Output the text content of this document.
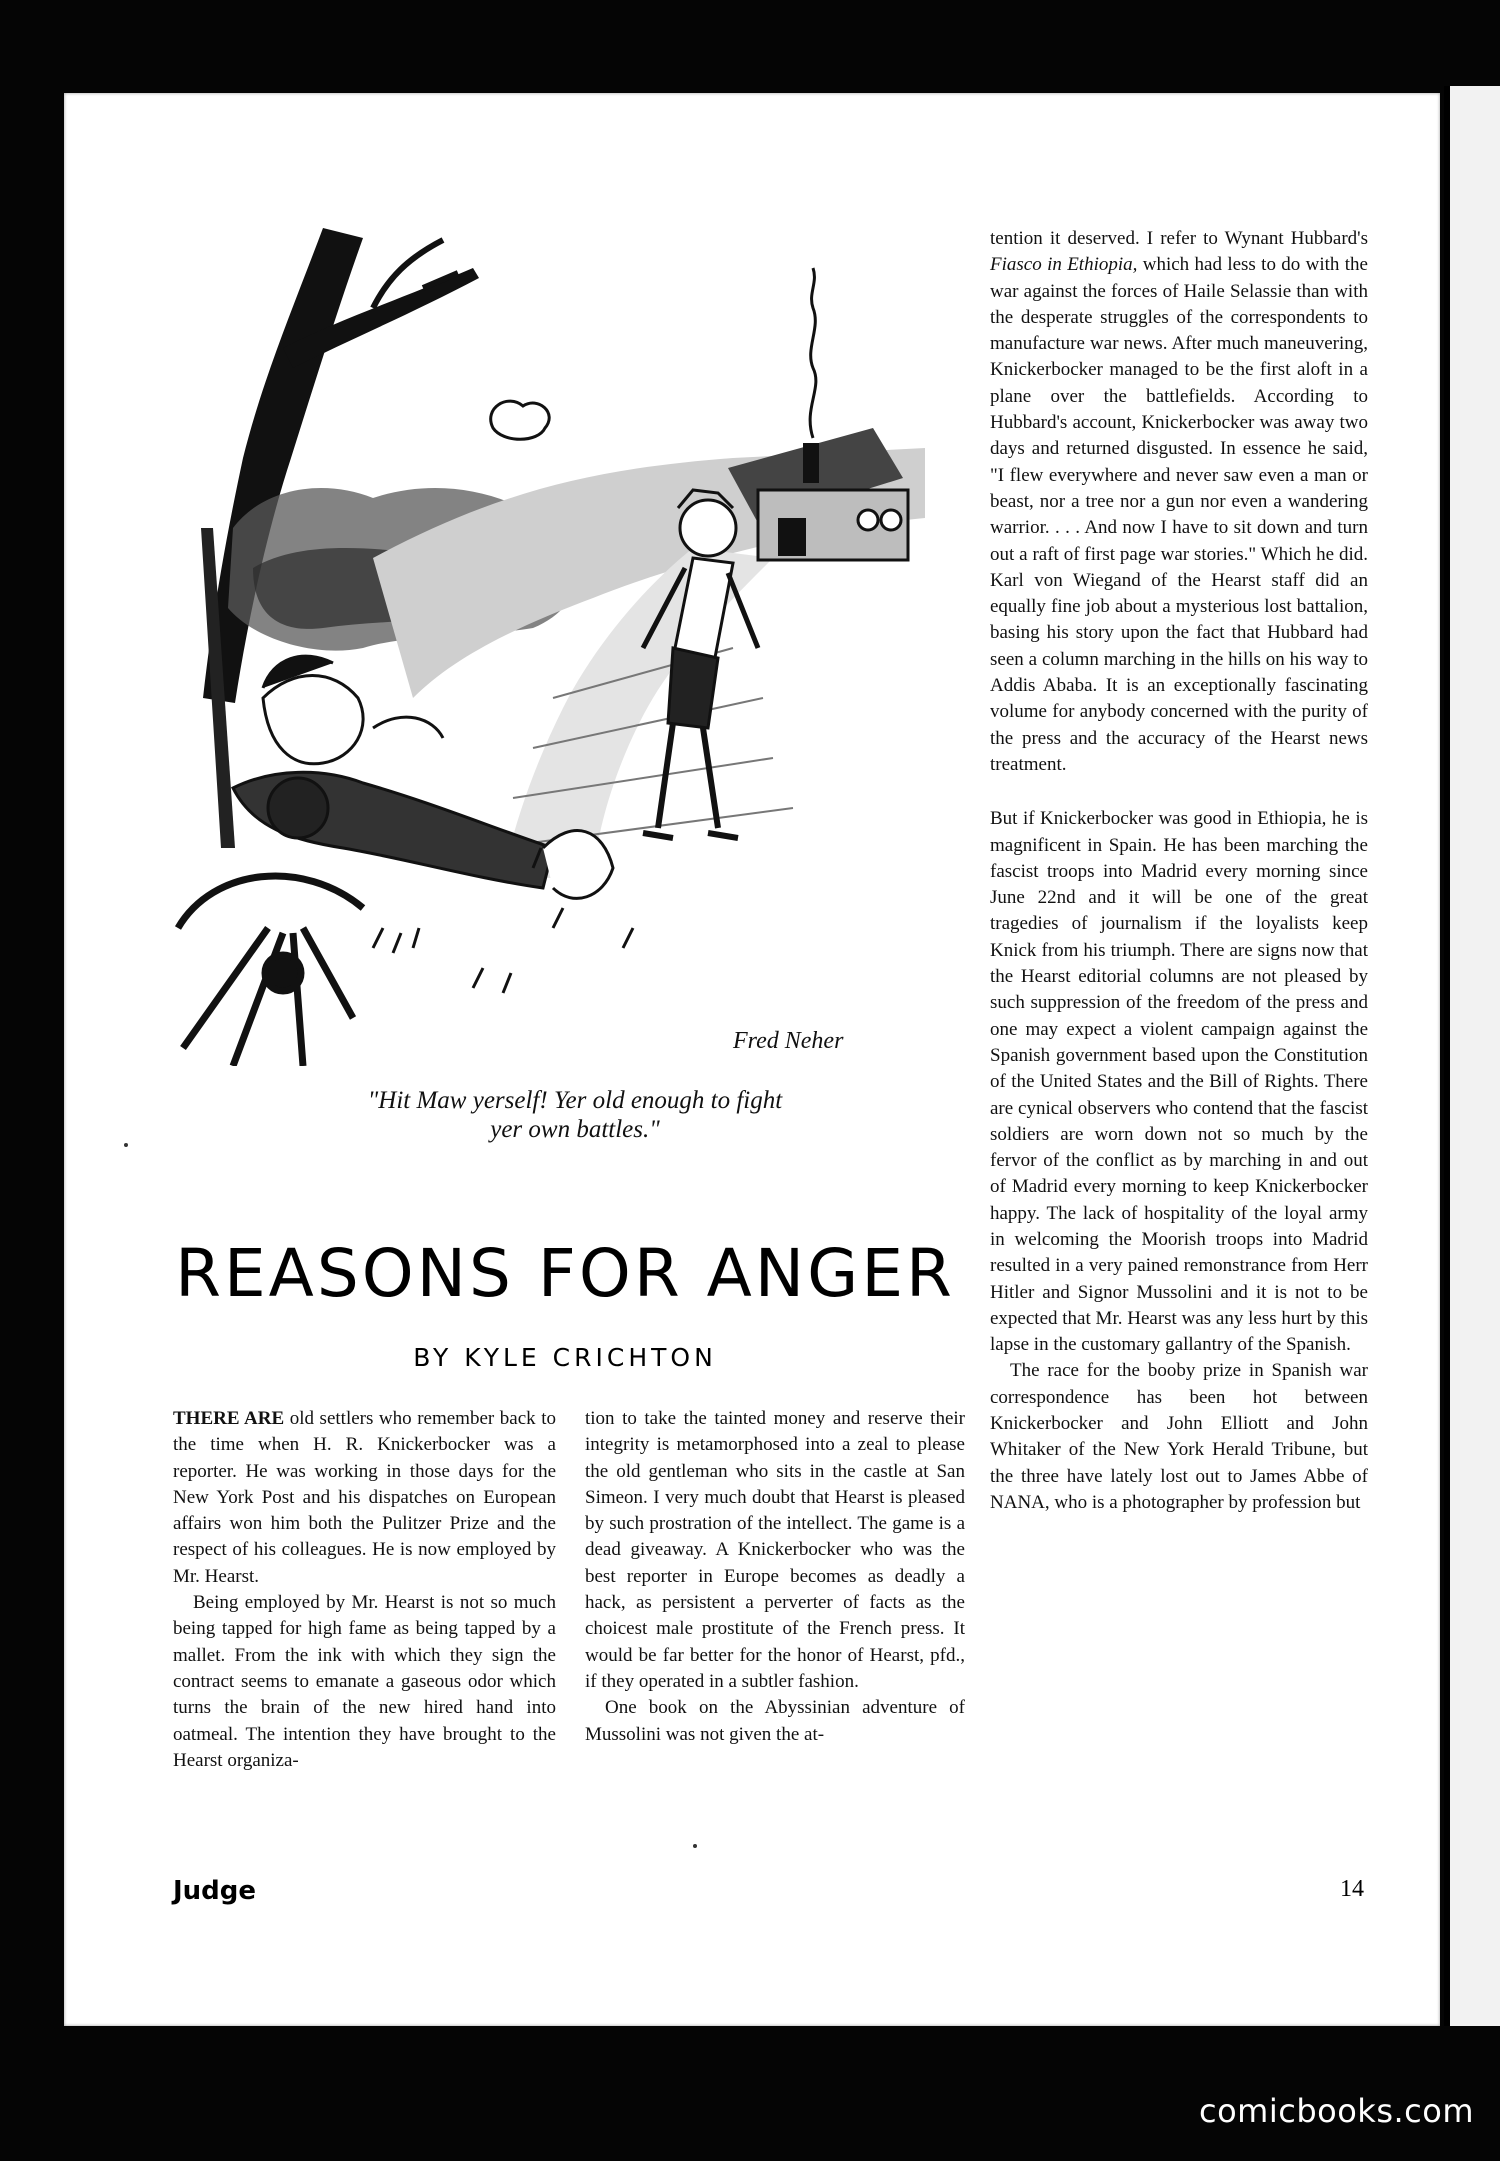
Fred Neher
"Hit Maw yerself! Yer old enough to fight
yer own battles."
REASONS FOR ANGER
BY KYLE CRICHTON

THERE ARE old settlers who remember back to the time when H. R. Knickerbocker was a reporter. He was working in those days for the New York Post and his dispatches on European affairs won him both the Pulitzer Prize and the respect of his colleagues. He is now employed by Mr. Hearst.

Being employed by Mr. Hearst is not so much being tapped for high fame as being tapped by a mallet. From the ink with which they sign the contract seems to emanate a gaseous odor which turns the brain of the new hired hand into oatmeal. The intention they have brought to the Hearst organiza-

tion to take the tainted money and reserve their integrity is metamorphosed into a zeal to please the old gentleman who sits in the castle at San Simeon. I very much doubt that Hearst is pleased by such prostration of the intellect. The game is a dead giveaway. A Knickerbocker who was the best reporter in Europe becomes as deadly a hack, as persistent a perverter of facts as the choicest male prostitute of the French press. It would be far better for the honor of Hearst, pfd., if they operated in a subtler fashion.

One book on the Abyssinian adventure of Mussolini was not given the at-

tention it deserved. I refer to Wynant Hubbard's Fiasco in Ethiopia, which had less to do with the war against the forces of Haile Selassie than with the desperate struggles of the correspondents to manufacture war news. After much maneuvering, Knickerbocker managed to be the first aloft in a plane over the battlefields. According to Hubbard's account, Knickerbocker was away two days and returned disgusted. In essence he said, "I flew everywhere and never saw even a man or beast, nor a tree nor a gun nor even a wandering warrior. . . . And now I have to sit down and turn out a raft of first page war stories." Which he did. Karl von Wiegand of the Hearst staff did an equally fine job about a mysterious lost battalion, basing his story upon the fact that Hubbard had seen a column marching in the hills on his way to Addis Ababa. It is an exceptionally fascinating volume for anybody concerned with the purity of the press and the accuracy of the Hearst news treatment.

But if Knickerbocker was good in Ethiopia, he is magnificent in Spain. He has been marching the fascist troops into Madrid every morning since June 22nd and it will be one of the great tragedies of journalism if the loyalists keep Knick from his triumph. There are signs now that the Hearst editorial columns are not pleased by such suppression of the freedom of the press and one may expect a violent campaign against the Spanish government based upon the Constitution of the United States and the Bill of Rights. There are cynical observers who contend that the fascist soldiers are worn down not so much by the fervor of the conflict as by marching in and out of Madrid every morning to keep Knickerbocker happy. The lack of hospitality of the loyal army in welcoming the Moorish troops into Madrid resulted in a very pained remonstrance from Herr Hitler and Signor Mussolini and it is not to be expected that Mr. Hearst was any less hurt by this lapse in the customary gallantry of the Spanish.

The race for the booby prize in Spanish war correspondence has been hot between Knickerbocker and John Elliott and John Whitaker of the New York Herald Tribune, but the three have lately lost out to James Abbe of NANA, who is a photographer by profession but

Judge	14
comicbooks.com
